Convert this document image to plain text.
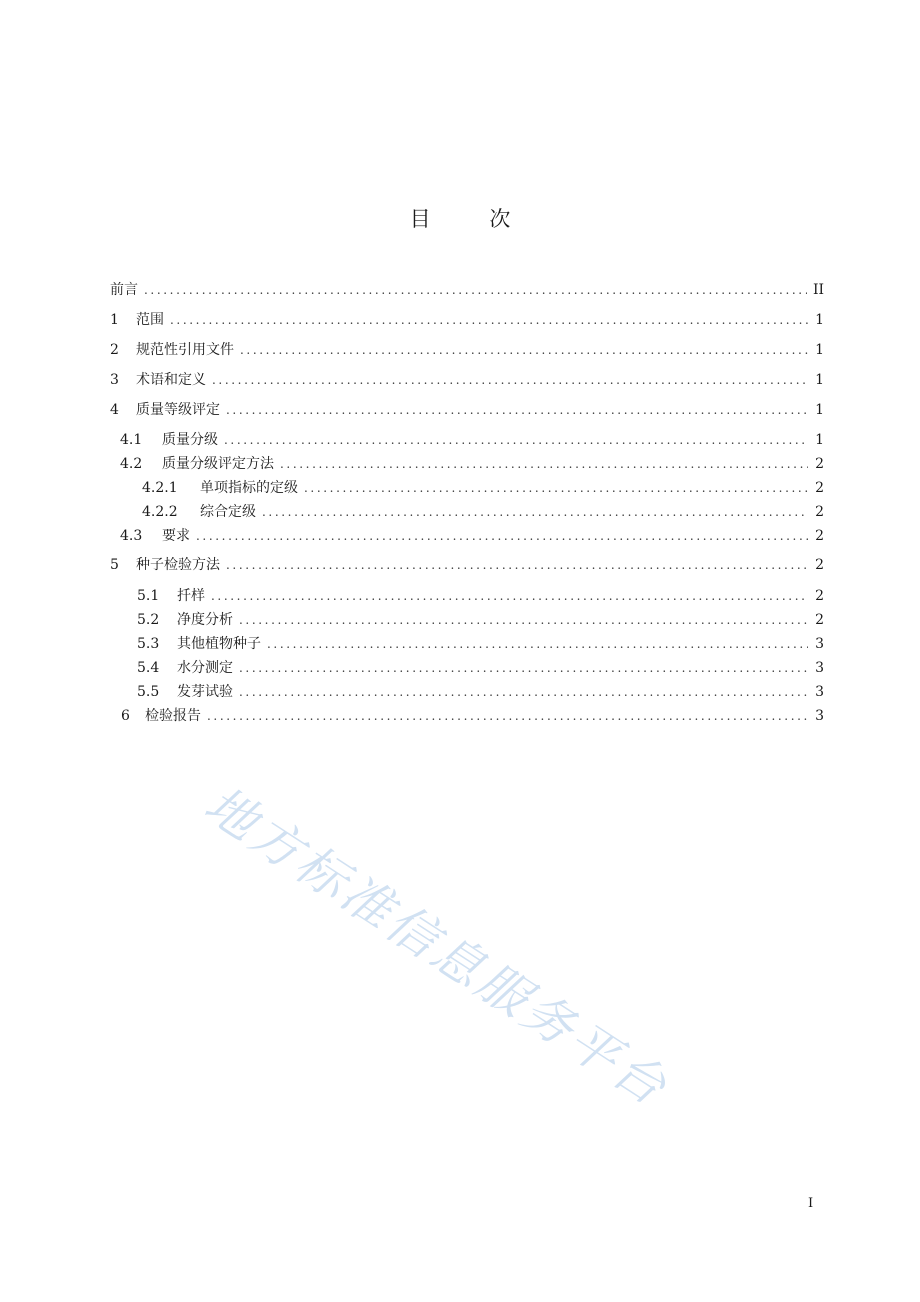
目 次
前言 .....	II
1	范围 .....	1
2	规范性引用文件 .....	1
3	术语和定义 .....	1
4	质量等级评定 .....	1
4.1	质量分级 .....	1
4.2	质量分级评定方法 .....	2
4.2.1	单项指标的定级 .....	2
4.2.2	综合定级 .....	2
4.3	要求 .....	2
5	种子检验方法 .....	2
5.1	扦样 .....	2
5.2	净度分析 .....	2
5.3	其他植物种子 .....	3
5.4	水分测定 .....	3
5.5	发芽试验 .....	3
6	检验报告 .....	3
地方标准信息服务平台
I
